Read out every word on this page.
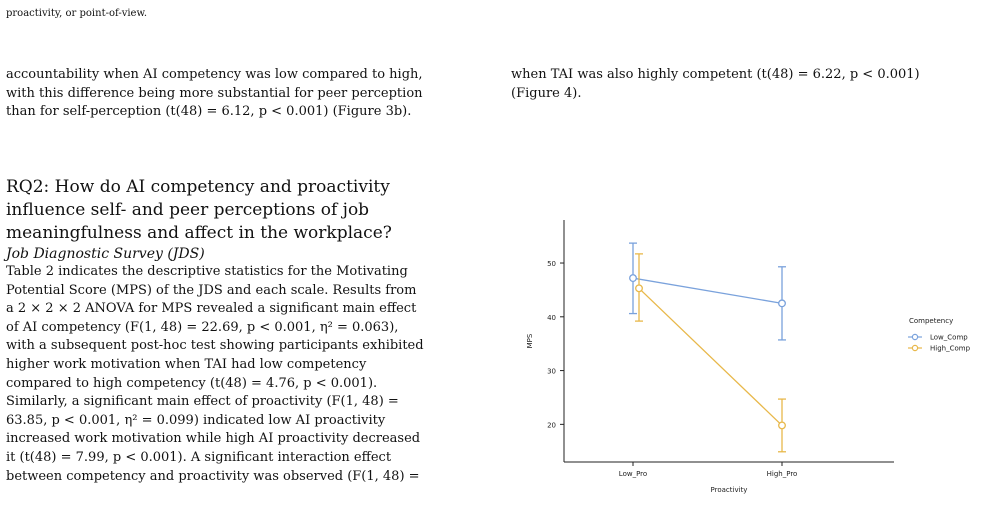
proactivity, or point-of-view.
accountability when AI competency was low compared to high,
with this difference being more substantial for peer perception
than for self-perception (t(48) = 6.12, p < 0.001) (Figure 3b).
when TAI was also highly competent (t(48) = 6.22, p < 0.001)
(Figure 4).
RQ2: How do AI competency and proactivity
influence self- and peer perceptions of job
meaningfulness and affect in the workplace?
Job Diagnostic Survey (JDS)
Table 2 indicates the descriptive statistics for the Motivating
Potential Score (MPS) of the JDS and each scale. Results from
a 2 × 2 × 2 ANOVA for MPS revealed a significant main effect
of AI competency (F(1, 48) = 22.69, p < 0.001, η² = 0.063),
with a subsequent post-hoc test showing participants exhibited
higher work motivation when TAI had low competency
compared to high competency (t(48) = 4.76, p < 0.001).
Similarly, a significant main effect of proactivity (F(1, 48) =
63.85, p < 0.001, η² = 0.099) indicated low AI proactivity
increased work motivation while high AI proactivity decreased
it (t(48) = 7.99, p < 0.001). A significant interaction effect
between competency and proactivity was observed (F(1, 48) =
20
30
40
50
Low_Pro	High_Pro
Proactivity
MPS
Competency
Low_Comp
High_Comp
